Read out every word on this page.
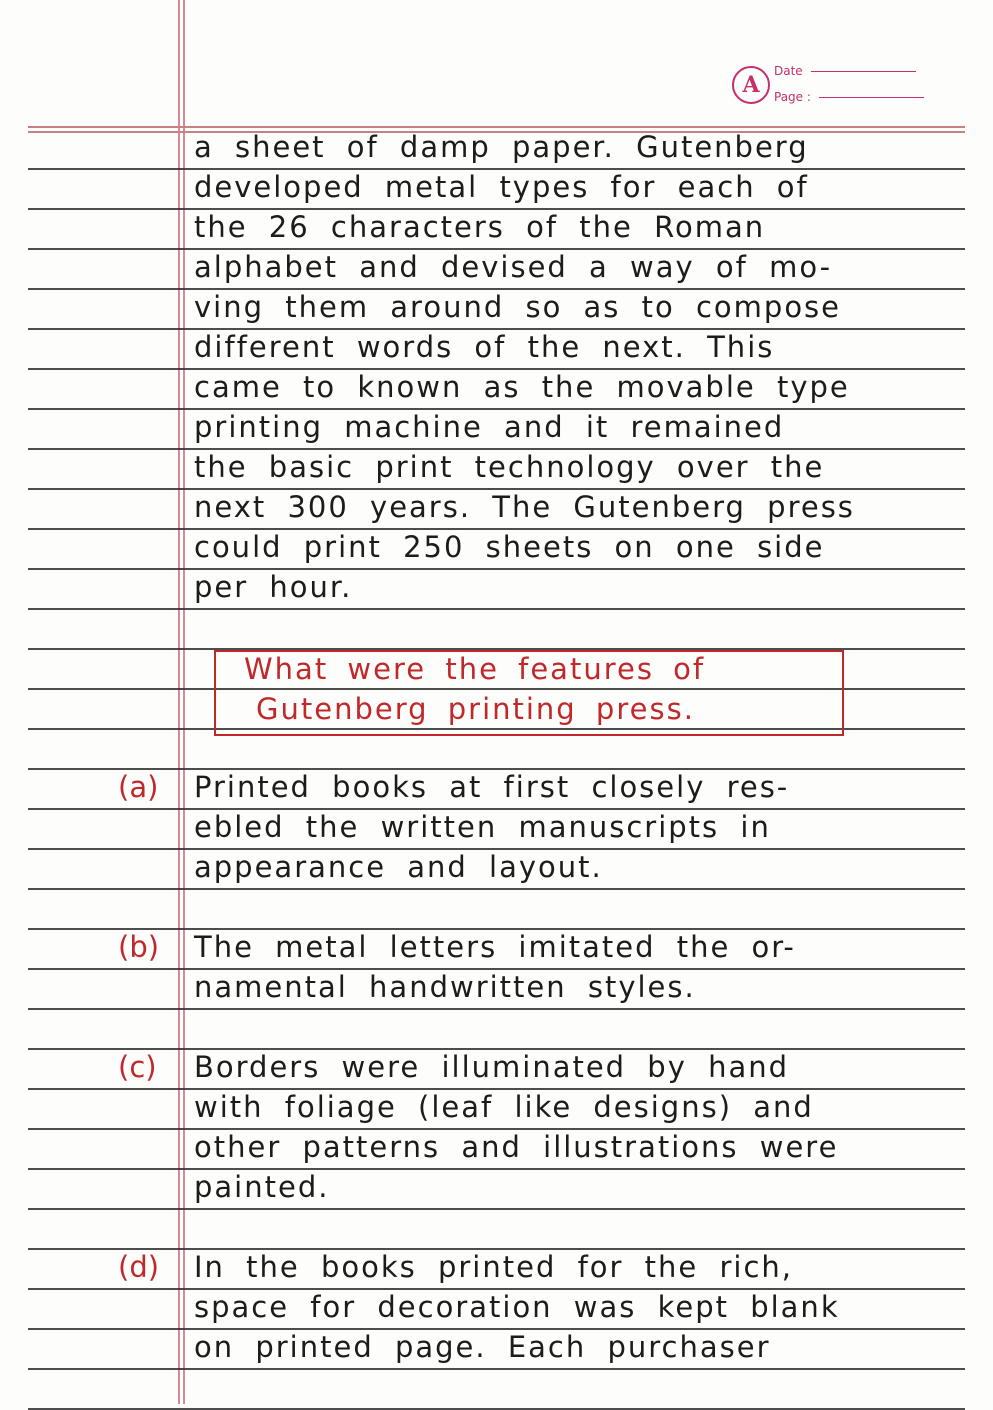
A
Date
Page :
a sheet of damp paper. Gutenberg
developed metal types for each of
the 26 characters of the Roman
alphabet and devised a way of mo-
ving them around so as to compose
different words of the next. This
came to known as the movable type
printing machine and it remained
the basic print technology over the
next 300 years. The Gutenberg press
could print 250 sheets on one side
per hour.
Printed books at first closely res-
ebled the written manuscripts in
appearance and layout.
The metal letters imitated the or-
namental handwritten styles.
Borders were illuminated by hand
with foliage (leaf like designs) and
other patterns and illustrations were
painted.
In the books printed for the rich,
space for decoration was kept blank
on printed page. Each purchaser
(a)
(b)
(c)
(d)
What were the features of
Gutenberg printing press.
